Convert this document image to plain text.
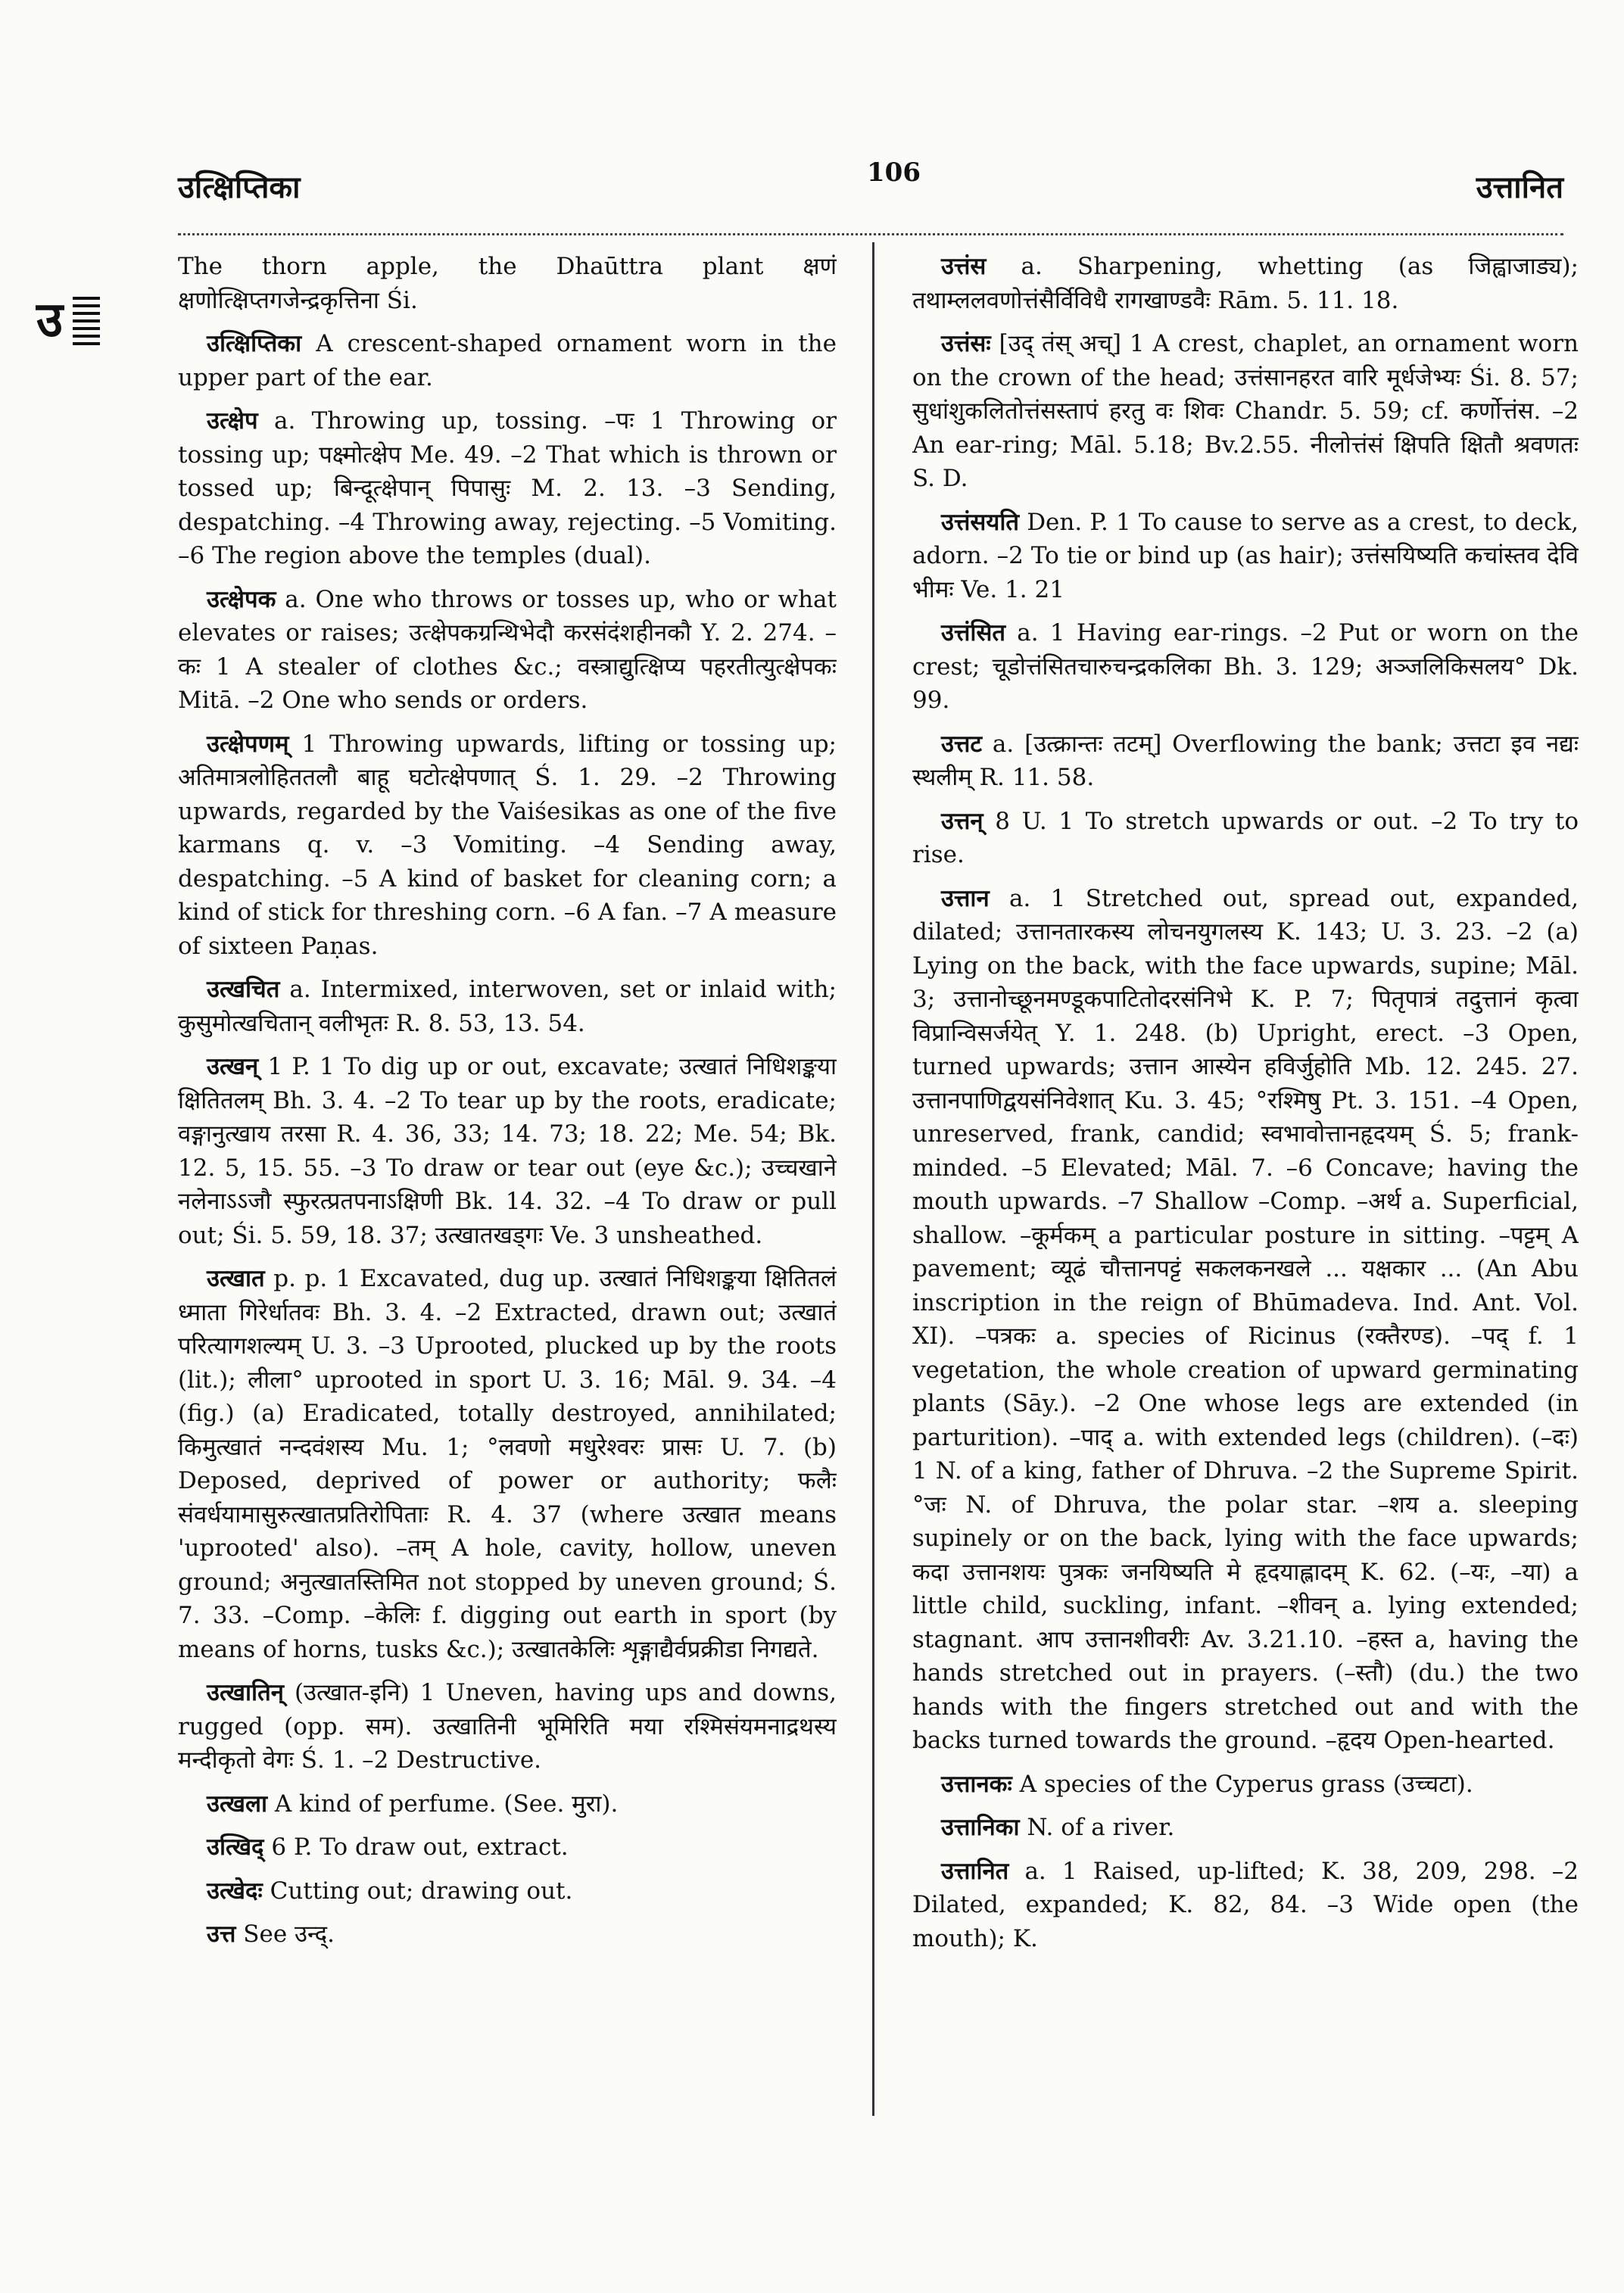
उत्क्षिप्तिका	106	उत्तानित
उ

The thorn apple, the Dhaūttra plant क्षणं क्षणोत्क्षिप्तगजेन्द्रकृत्तिना Śi.

उत्क्षिप्तिका A crescent-shaped ornament worn in the upper part of the ear.

उत्क्षेप a. Throwing up, tossing. –पः 1 Throwing or tossing up; पक्ष्मोत्क्षेप Me. 49. –2 That which is thrown or tossed up; बिन्दूत्क्षेपान् पिपासुः M. 2. 13. –3 Sending, despatching. –4 Throwing away, rejecting. –5 Vomiting. –6 The region above the temples (dual).

उत्क्षेपक a. One who throws or tosses up, who or what elevates or raises; उत्क्षेपकग्रन्थिभेदौ करसंदंशहीनकौ Y. 2. 274. –कः 1 A stealer of clothes &c.; वस्त्राद्युत्क्षिप्य पहरतीत्युत्क्षेपकः Mitā. –2 One who sends or orders.

उत्क्षेपणम् 1 Throwing upwards, lifting or tossing up; अतिमात्रलोहिततलौ बाहू घटोत्क्षेपणात् Ś. 1. 29. –2 Throwing upwards, regarded by the Vaiśesikas as one of the five karmans q. v. –3 Vomiting. –4 Sending away, despatching. –5 A kind of basket for cleaning corn; a kind of stick for threshing corn. –6 A fan. –7 A measure of sixteen Paṇas.

उत्खचित a. Intermixed, interwoven, set or inlaid with; कुसुमोत्खचितान् वलीभृतः R. 8. 53, 13. 54.

उत्खन् 1 P. 1 To dig up or out, excavate; उत्खातं निधिशङ्कया क्षितितलम् Bh. 3. 4. –2 To tear up by the roots, eradicate; वङ्गानुत्खाय तरसा R. 4. 36, 33; 14. 73; 18. 22; Me. 54; Bk. 12. 5, 15. 55. –3 To draw or tear out (eye &c.); उच्चखाने नलेनाऽऽजौ स्फुरत्प्रतपनाऽक्षिणी Bk. 14. 32. –4 To draw or pull out; Śi. 5. 59, 18. 37; उत्खातखड्गः Ve. 3 unsheathed.

उत्खात p. p. 1 Excavated, dug up. उत्खातं निधिशङ्कया क्षितितलं ध्माता गिरेर्धातवः Bh. 3. 4. –2 Extracted, drawn out; उत्खातं परित्यागशल्यम् U. 3. –3 Uprooted, plucked up by the roots (lit.); लीला° uprooted in sport U. 3. 16; Māl. 9. 34. –4 (fig.) (a) Eradicated, totally destroyed, annihilated; किमुत्खातं नन्दवंशस्य Mu. 1; °लवणो मधुरेश्वरः प्रासः U. 7. (b) Deposed, deprived of power or authority; फलैः संवर्धयामासुरुत्खातप्रतिरोपिताः R. 4. 37 (where उत्खात means 'uprooted' also). –तम् A hole, cavity, hollow, uneven ground; अनुत्खातस्तिमित not stopped by uneven ground; Ś. 7. 33. –Comp. –केलिः f. digging out earth in sport (by means of horns, tusks &c.); उत्खातकेलिः शृङ्गाद्यैर्वप्रक्रीडा निगद्यते.

उत्खातिन् (उत्खात-इनि) 1 Uneven, having ups and downs, rugged (opp. सम). उत्खातिनी भूमिरिति मया रश्मिसंयमनाद्रथस्य मन्दीकृतो वेगः Ś. 1. –2 Destructive.

उत्खला A kind of perfume. (See. मुरा).

उत्खिद् 6 P. To draw out, extract.

उत्खेदः Cutting out; drawing out.

उत्त See उन्द्.

उत्तंस a. Sharpening, whetting (as जिह्वाजाड्य); तथाम्ललवणोत्तंसैर्विविधै रागखाण्डवैः Rām. 5. 11. 18.

उत्तंसः [उद् तंस् अच्] 1 A crest, chaplet, an ornament worn on the crown of the head; उत्तंसानहरत वारि मूर्धजेभ्यः Śi. 8. 57; सुधांशुकलितोत्तंसस्तापं हरतु वः शिवः Chandr. 5. 59; cf. कर्णोत्तंस. –2 An ear-ring; Māl. 5.18; Bv.2.55. नीलोत्तंसं क्षिपति क्षितौ श्रवणतः S. D.

उत्तंसयति Den. P. 1 To cause to serve as a crest, to deck, adorn. –2 To tie or bind up (as hair); उत्तंसयिष्यति कचांस्तव देवि भीमः Ve. 1. 21

उत्तंसित a. 1 Having ear-rings. –2 Put or worn on the crest; चूडोत्तंसितचारुचन्द्रकलिका Bh. 3. 129; अञ्जलिकिसलय° Dk. 99.

उत्तट a. [उत्क्रान्तः तटम्] Overflowing the bank; उत्तटा इव नद्यः स्थलीम् R. 11. 58.

उत्तन् 8 U. 1 To stretch upwards or out. –2 To try to rise.

उत्तान a. 1 Stretched out, spread out, expanded, dilated; उत्तानतारकस्य लोचनयुगलस्य K. 143; U. 3. 23. –2 (a) Lying on the back, with the face upwards, supine; Māl. 3; उत्तानोच्छूनमण्डूकपाटितोदरसंनिभे K. P. 7; पितृपात्रं तदुत्तानं कृत्वा विप्रान्विसर्जयेत् Y. 1. 248. (b) Upright, erect. –3 Open, turned upwards; उत्तान आस्येन हविर्जुहोति Mb. 12. 245. 27. उत्तानपाणिद्वयसंनिवेशात् Ku. 3. 45; °रश्मिषु Pt. 3. 151. –4 Open, unreserved, frank, candid; स्वभावोत्तानहृदयम् Ś. 5; frank-minded. –5 Elevated; Māl. 7. –6 Concave; having the mouth upwards. –7 Shallow –Comp. –अर्थ a. Superficial, shallow. –कूर्मकम् a particular posture in sitting. –पट्टम् A pavement; व्यूढं चौत्तानपट्टं सकलकनखले ... यक्षकार ... (An Abu inscription in the reign of Bhūmadeva. Ind. Ant. Vol. XI). –पत्रकः a. species of Ricinus (रक्तैरण्ड). –पद् f. 1 vegetation, the whole creation of upward germinating plants (Sāy.). –2 One whose legs are extended (in parturition). –पाद् a. with extended legs (children). (–दः) 1 N. of a king, father of Dhruva. –2 the Supreme Spirit. °जः N. of Dhruva, the polar star. –शय a. sleeping supinely or on the back, lying with the face upwards; कदा उत्तानशयः पुत्रकः जनयिष्यति मे हृदयाह्लादम् K. 62. (–यः, –या) a little child, suckling, infant. –शीवन् a. lying extended; stagnant. आप उत्तानशीवरीः Av. 3.21.10. –हस्त a, having the hands stretched out in prayers. (–स्तौ) (du.) the two hands with the fingers stretched out and with the backs turned towards the ground. –हृदय Open-hearted.

उत्तानकः A species of the Cyperus grass (उच्चटा).

उत्तानिका N. of a river.

उत्तानित a. 1 Raised, up-lifted; K. 38, 209, 298. –2 Dilated, expanded; K. 82, 84. –3 Wide open (the mouth); K.
